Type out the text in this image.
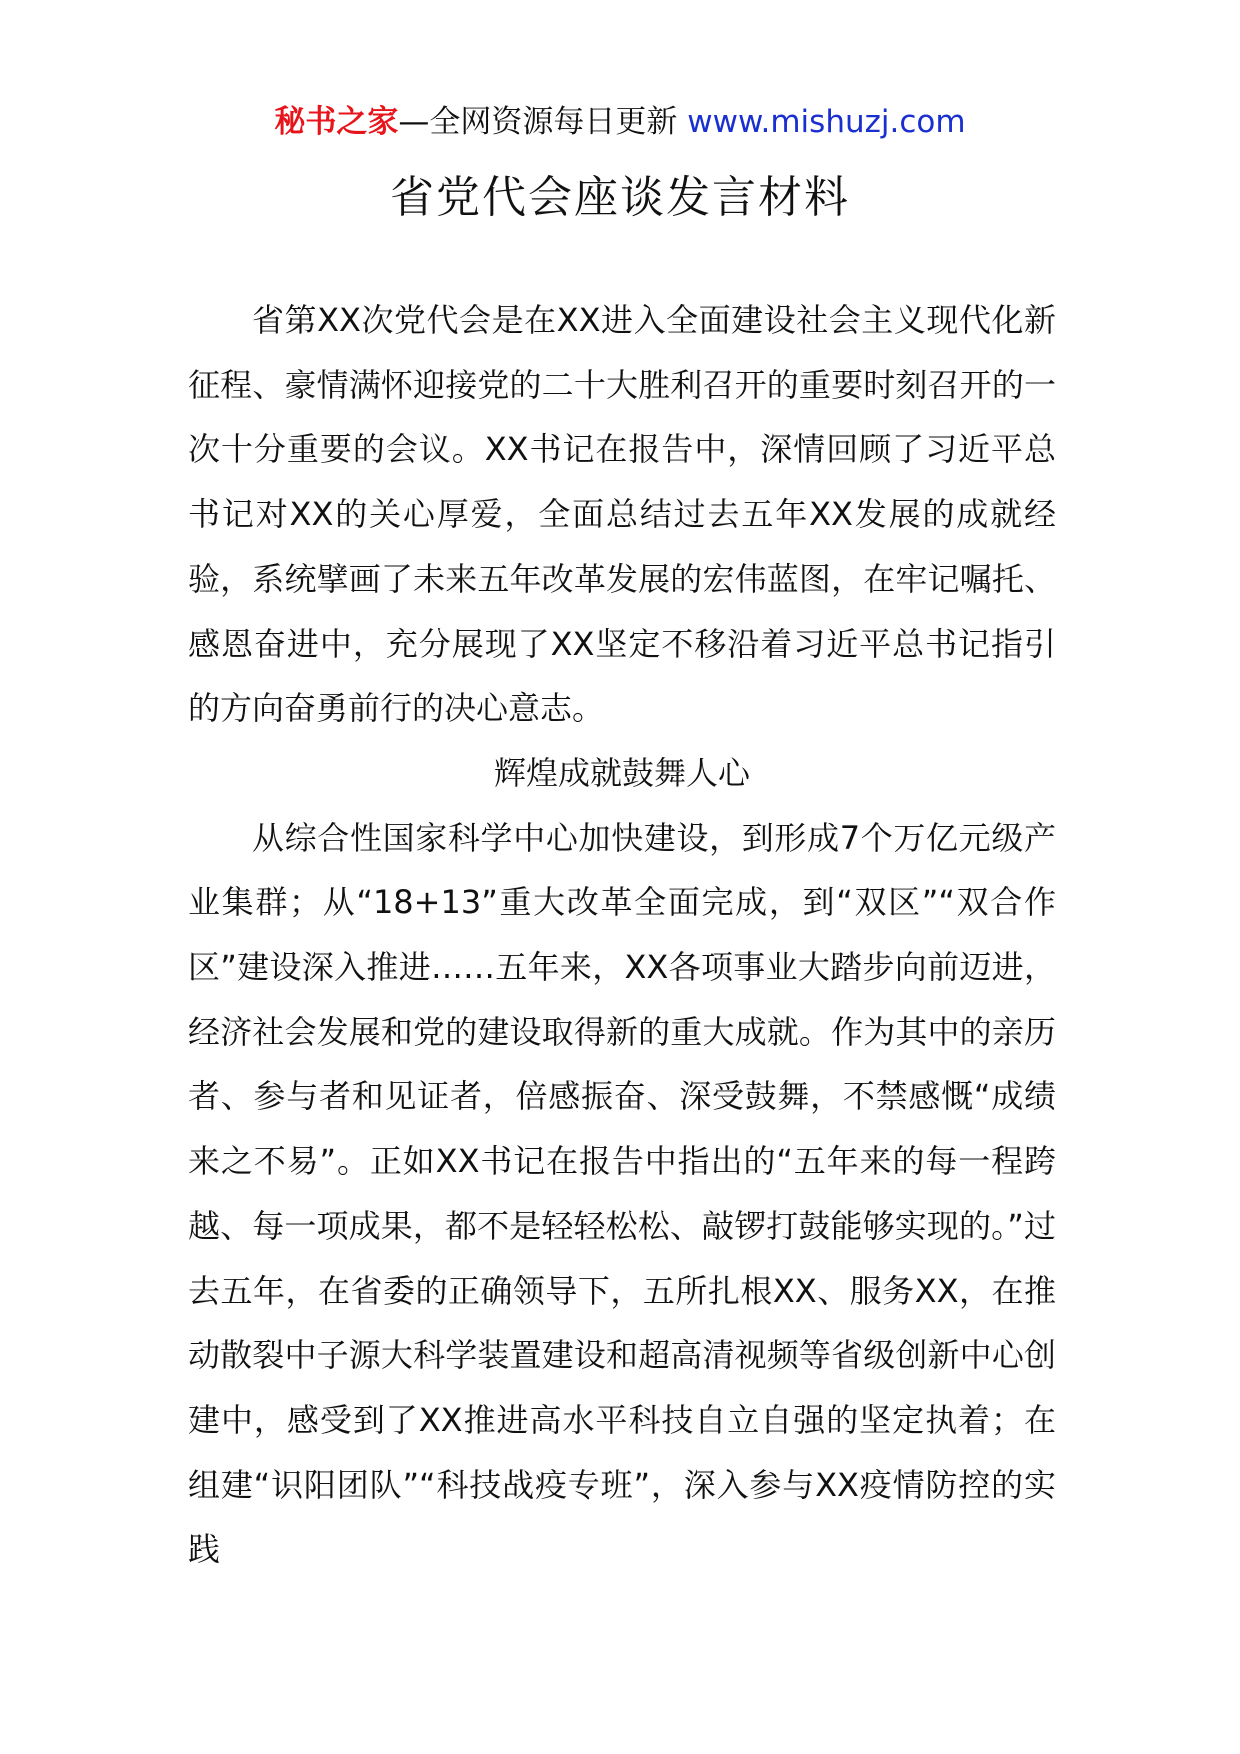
秘书之家—全网资源每日更新 www.mishuzj.com
省党代会座谈发言材料

省第XX次党代会是在XX进入全面建设社会主义现代化新征程、豪情满怀迎接党的二十大胜利召开的重要时刻召开的一次十分重要的会议。XX书记在报告中，深情回顾了习近平总书记对XX的关心厚爱，全面总结过去五年XX发展的成就经验，系统擘画了未来五年改革发展的宏伟蓝图，在牢记嘱托、感恩奋进中，充分展现了XX坚定不移沿着习近平总书记指引的方向奋勇前行的决心意志。

辉煌成就鼓舞人心

从综合性国家科学中心加快建设，到形成7个万亿元级产业集群；从“18+13”重大改革全面完成，到“双区”“双合作区”建设深入推进……五年来，XX各项事业大踏步向前迈进，经济社会发展和党的建设取得新的重大成就。作为其中的亲历者、参与者和见证者，倍感振奋、深受鼓舞，不禁感慨“成绩来之不易”。正如XX书记在报告中指出的“五年来的每一程跨越、每一项成果，都不是轻轻松松、敲锣打鼓能够实现的。”过去五年，在省委的正确领导下，五所扎根XX、服务XX，在推动散裂中子源大科学装置建设和超高清视频等省级创新中心创建中，感受到了XX推进高水平科技自立自强的坚定执着；在组建“识阳团队”“科技战疫专班”，深入参与XX疫情防控的实践
